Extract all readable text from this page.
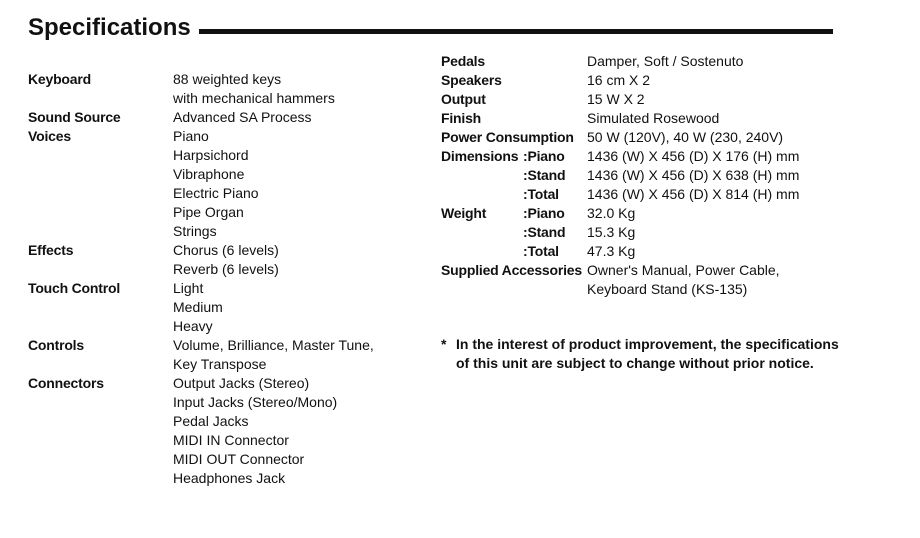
Specifications
Keyboard	88 weighted keys
with mechanical hammers
Sound Source	Advanced SA Process
Voices	Piano
Harpsichord
Vibraphone
Electric Piano
Pipe Organ
Strings
Effects	Chorus (6 levels)
Reverb (6 levels)
Touch Control	Light
Medium
Heavy
Controls	Volume, Brilliance, Master Tune,
Key Transpose
Connectors	Output Jacks (Stereo)
Input Jacks (Stereo/Mono)
Pedal Jacks
MIDI IN Connector
MIDI OUT Connector
Headphones Jack
Pedals	Damper, Soft / Sostenuto
Speakers	16 cm X 2
Output	15 W X 2
Finish	Simulated Rosewood
Power Consumption 50 W (120V), 40 W (230, 240V)
Dimensions :Piano 1436 (W) X 456 (D) X 176 (H) mm
:Stand 1436 (W) X 456 (D) X 638 (H) mm
:Total 1436 (W) X 456 (D) X 814 (H) mm
Weight	:Piano 32.0 Kg
:Stand 15.3 Kg
:Total 47.3 Kg
Supplied Accessories Owner's Manual, Power Cable,
Keyboard Stand (KS-135)
* In the interest of product improvement, the specifications
of this unit are subject to change without prior notice.
